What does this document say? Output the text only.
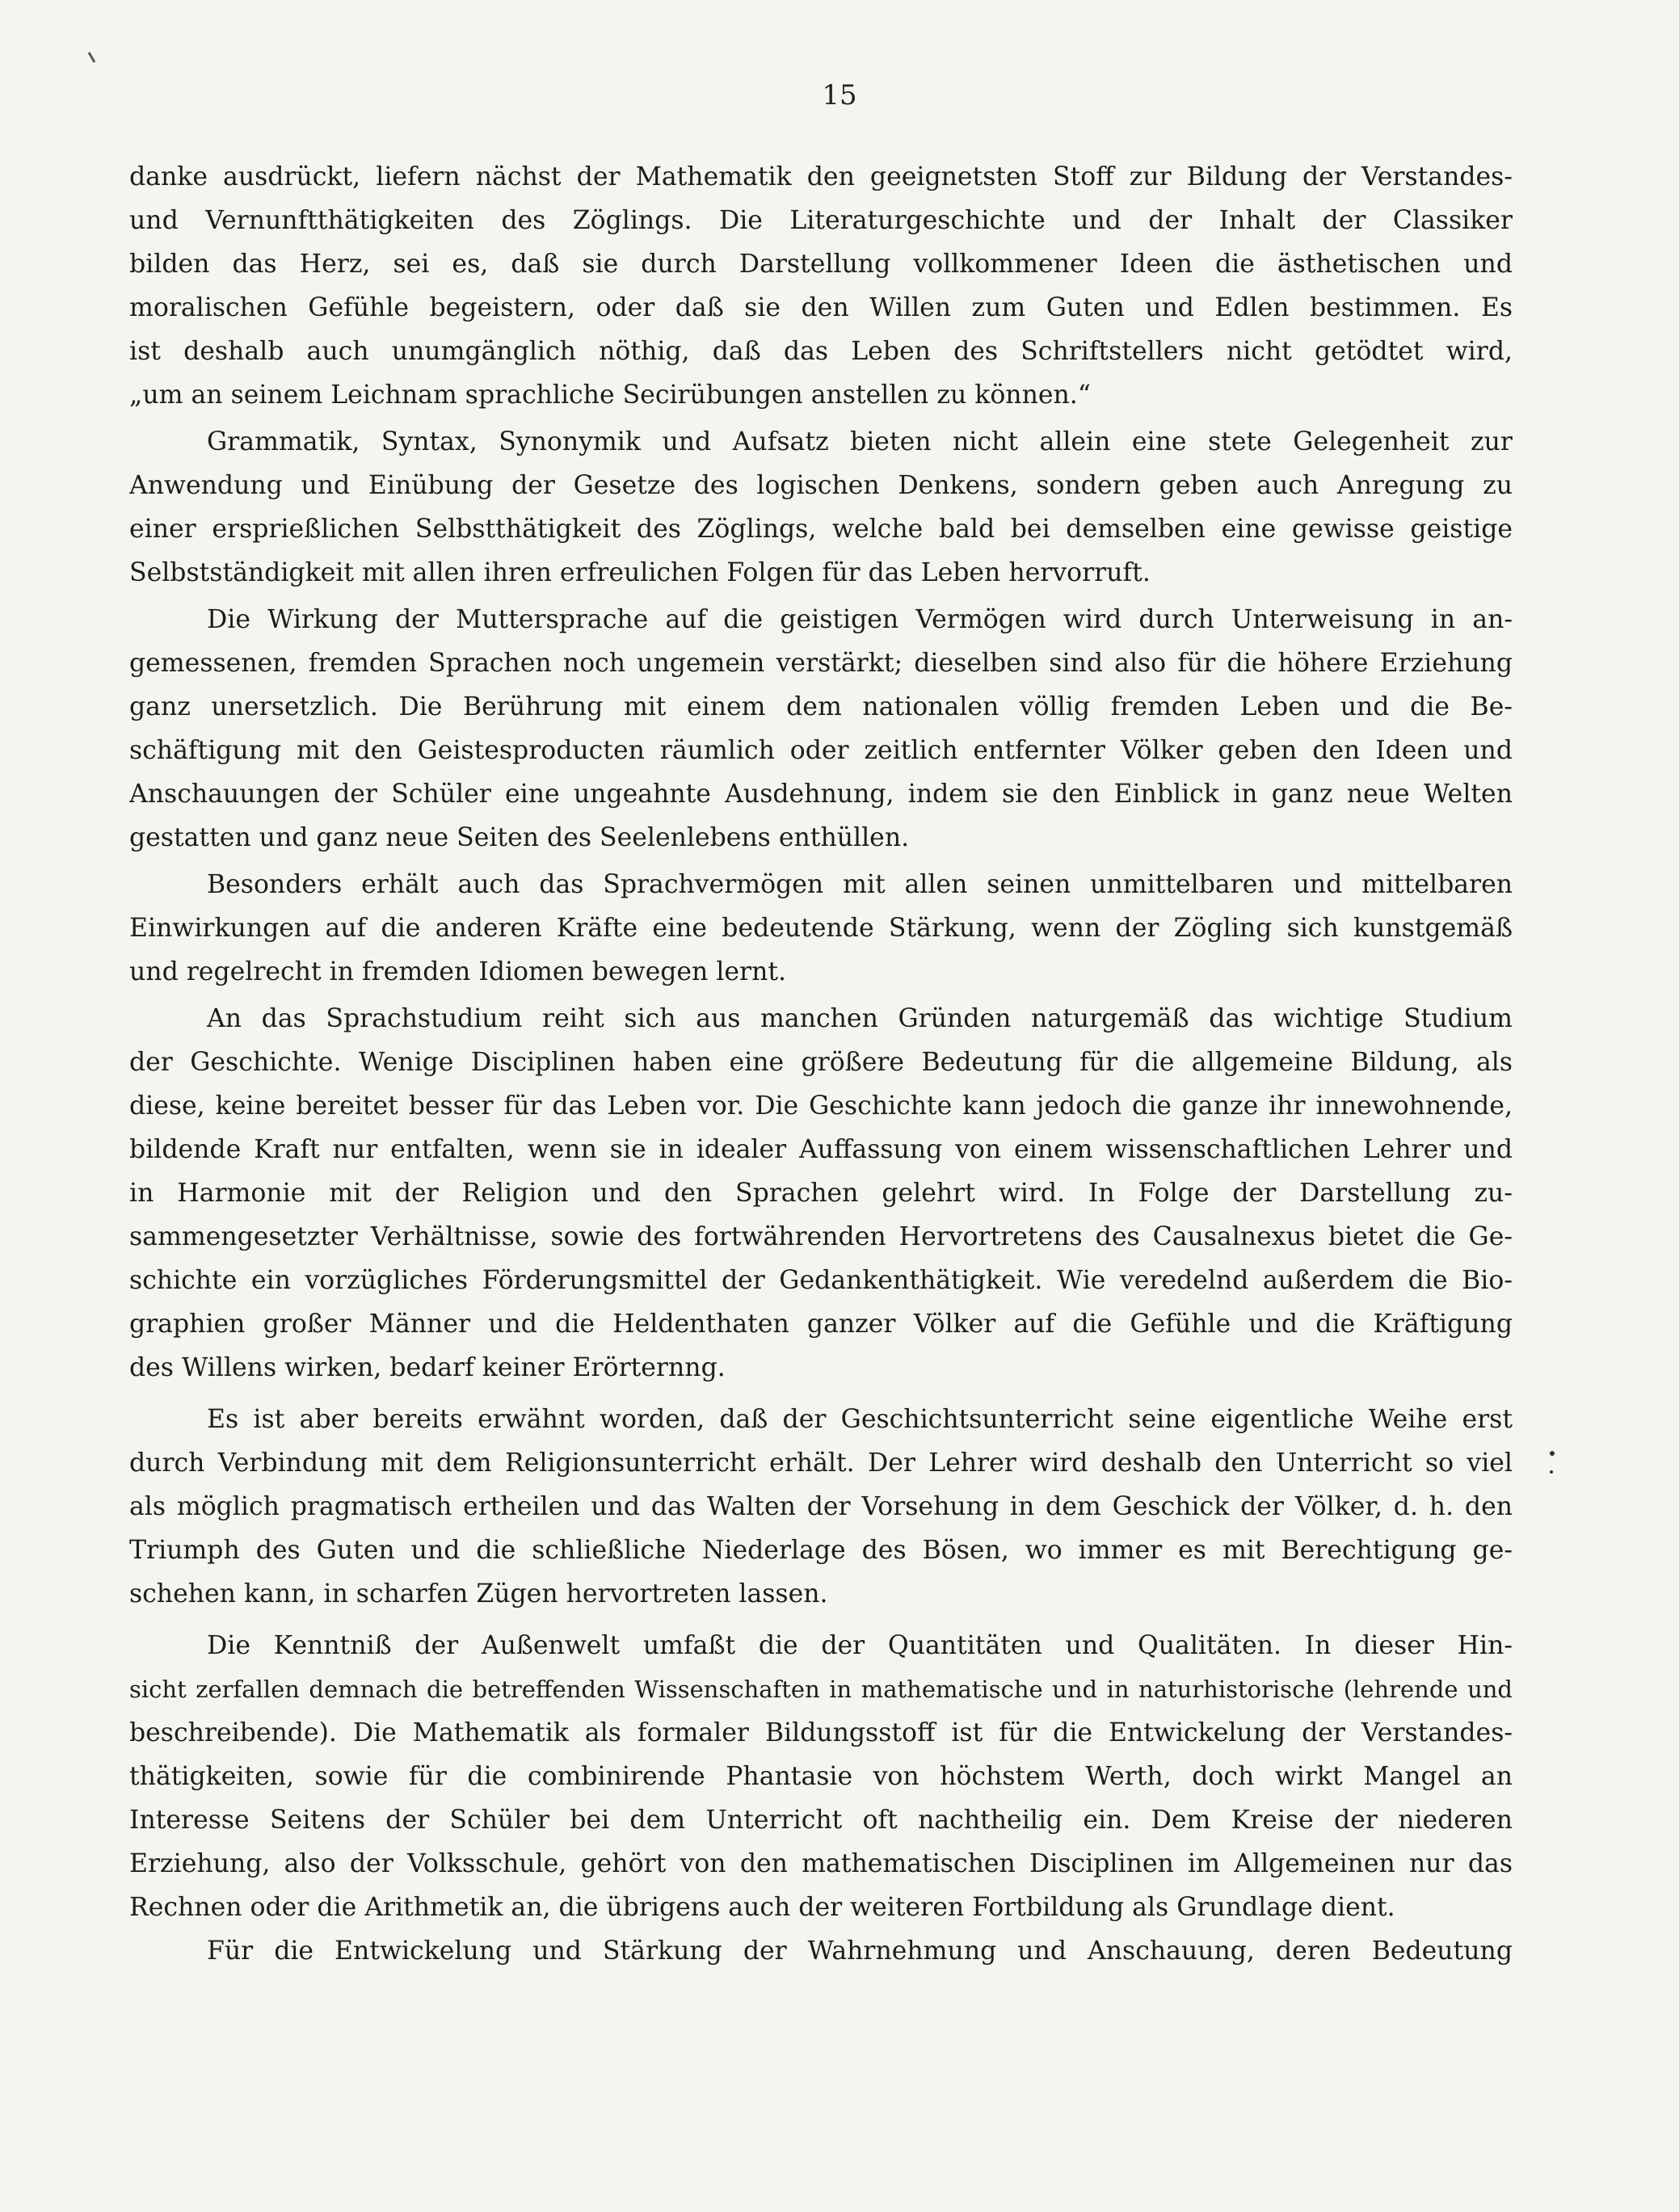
15
danke ausdrückt, liefern nächst der Mathematik den geeignetsten Stoff zur Bildung der Verstandes-
und Vernunftthätigkeiten des Zöglings. Die Literaturgeschichte und der Inhalt der Classiker
bilden das Herz, sei es, daß sie durch Darstellung vollkommener Ideen die ästhetischen und
moralischen Gefühle begeistern, oder daß sie den Willen zum Guten und Edlen bestimmen. Es
ist deshalb auch unumgänglich nöthig, daß das Leben des Schriftstellers nicht getödtet wird,
„um an seinem Leichnam sprachliche Secirübungen anstellen zu können.“
Grammatik, Syntax, Synonymik und Aufsatz bieten nicht allein eine stete Gelegenheit zur
Anwendung und Einübung der Gesetze des logischen Denkens, sondern geben auch Anregung zu
einer ersprießlichen Selbstthätigkeit des Zöglings, welche bald bei demselben eine gewisse geistige
Selbstständigkeit mit allen ihren erfreulichen Folgen für das Leben hervorruft.
Die Wirkung der Muttersprache auf die geistigen Vermögen wird durch Unterweisung in an-
gemessenen, fremden Sprachen noch ungemein verstärkt; dieselben sind also für die höhere Erziehung
ganz unersetzlich. Die Berührung mit einem dem nationalen völlig fremden Leben und die Be-
schäftigung mit den Geistesproducten räumlich oder zeitlich entfernter Völker geben den Ideen und
Anschauungen der Schüler eine ungeahnte Ausdehnung, indem sie den Einblick in ganz neue Welten
gestatten und ganz neue Seiten des Seelenlebens enthüllen.
Besonders erhält auch das Sprachvermögen mit allen seinen unmittelbaren und mittelbaren
Einwirkungen auf die anderen Kräfte eine bedeutende Stärkung, wenn der Zögling sich kunstgemäß
und regelrecht in fremden Idiomen bewegen lernt.
An das Sprachstudium reiht sich aus manchen Gründen naturgemäß das wichtige Studium
der Geschichte. Wenige Disciplinen haben eine größere Bedeutung für die allgemeine Bildung, als
diese, keine bereitet besser für das Leben vor. Die Geschichte kann jedoch die ganze ihr innewohnende,
bildende Kraft nur entfalten, wenn sie in idealer Auffassung von einem wissenschaftlichen Lehrer und
in Harmonie mit der Religion und den Sprachen gelehrt wird. In Folge der Darstellung zu-
sammengesetzter Verhältnisse, sowie des fortwährenden Hervortretens des Causalnexus bietet die Ge-
schichte ein vorzügliches Förderungsmittel der Gedankenthätigkeit. Wie veredelnd außerdem die Bio-
graphien großer Männer und die Heldenthaten ganzer Völker auf die Gefühle und die Kräftigung
des Willens wirken, bedarf keiner Erörternng.
Es ist aber bereits erwähnt worden, daß der Geschichtsunterricht seine eigentliche Weihe erst
durch Verbindung mit dem Religionsunterricht erhält. Der Lehrer wird deshalb den Unterricht so viel
als möglich pragmatisch ertheilen und das Walten der Vorsehung in dem Geschick der Völker, d. h. den
Triumph des Guten und die schließliche Niederlage des Bösen, wo immer es mit Berechtigung ge-
schehen kann, in scharfen Zügen hervortreten lassen.
Die Kenntniß der Außenwelt umfaßt die der Quantitäten und Qualitäten. In dieser Hin-
sicht zerfallen demnach die betreffenden Wissenschaften in mathematische und in naturhistorische (lehrende und
beschreibende). Die Mathematik als formaler Bildungsstoff ist für die Entwickelung der Verstandes-
thätigkeiten, sowie für die combinirende Phantasie von höchstem Werth, doch wirkt Mangel an
Interesse Seitens der Schüler bei dem Unterricht oft nachtheilig ein. Dem Kreise der niederen
Erziehung, also der Volksschule, gehört von den mathematischen Disciplinen im Allgemeinen nur das
Rechnen oder die Arithmetik an, die übrigens auch der weiteren Fortbildung als Grundlage dient.
Für die Entwickelung und Stärkung der Wahrnehmung und Anschauung, deren Bedeutung
